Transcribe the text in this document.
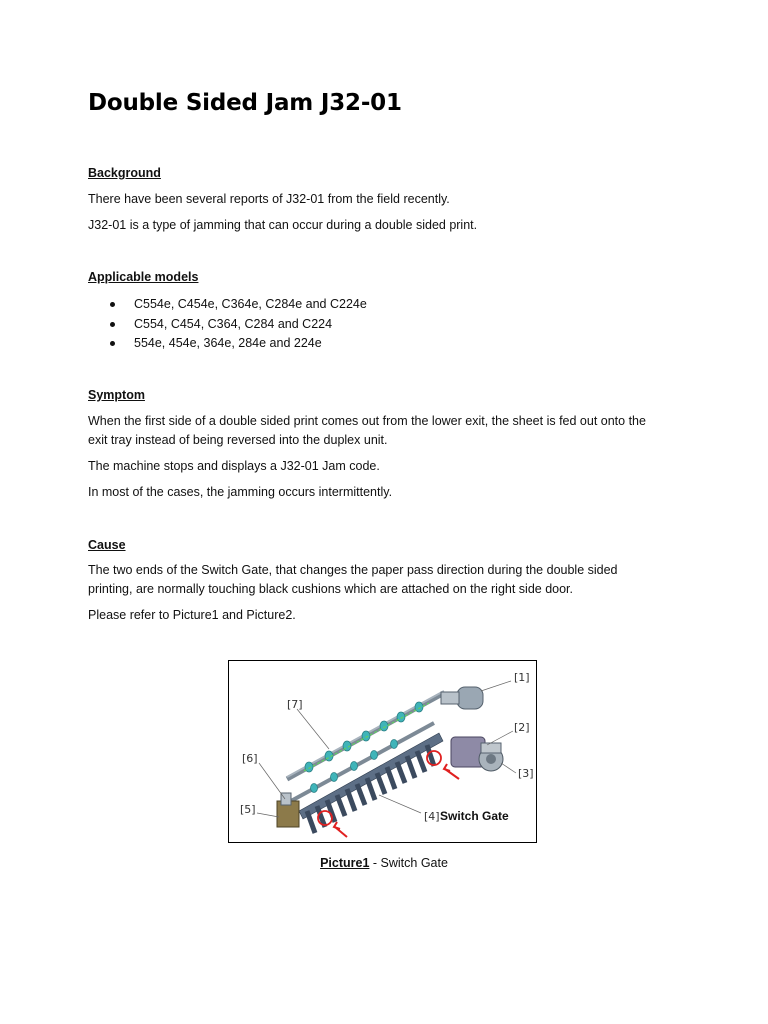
Double Sided Jam J32-01

Background

There have been several reports of J32-01 from the field recently.

J32-01 is a type of jamming that can occur during a double sided print.

Applicable models

C554e, C454e, C364e, C284e and C224e
C554, C454, C364, C284 and C224
554e, 454e, 364e, 284e and 224e

Symptom

When the first side of a double sided print comes out from the lower exit, the sheet is fed out onto the

exit tray instead of being reversed into the duplex unit.

The machine stops and displays a J32-01 Jam code.

In most of the cases, the jamming occurs intermittently.

Cause

The two ends of the Switch Gate, that changes the paper pass direction during the double sided

printing, are normally touching black cushions which are attached on the right side door.

Please refer to Picture1 and Picture2.

[1]
[2]
[3]
[4]
[5]
[6]
[7]
Switch Gate
Picture1 - Switch Gate
